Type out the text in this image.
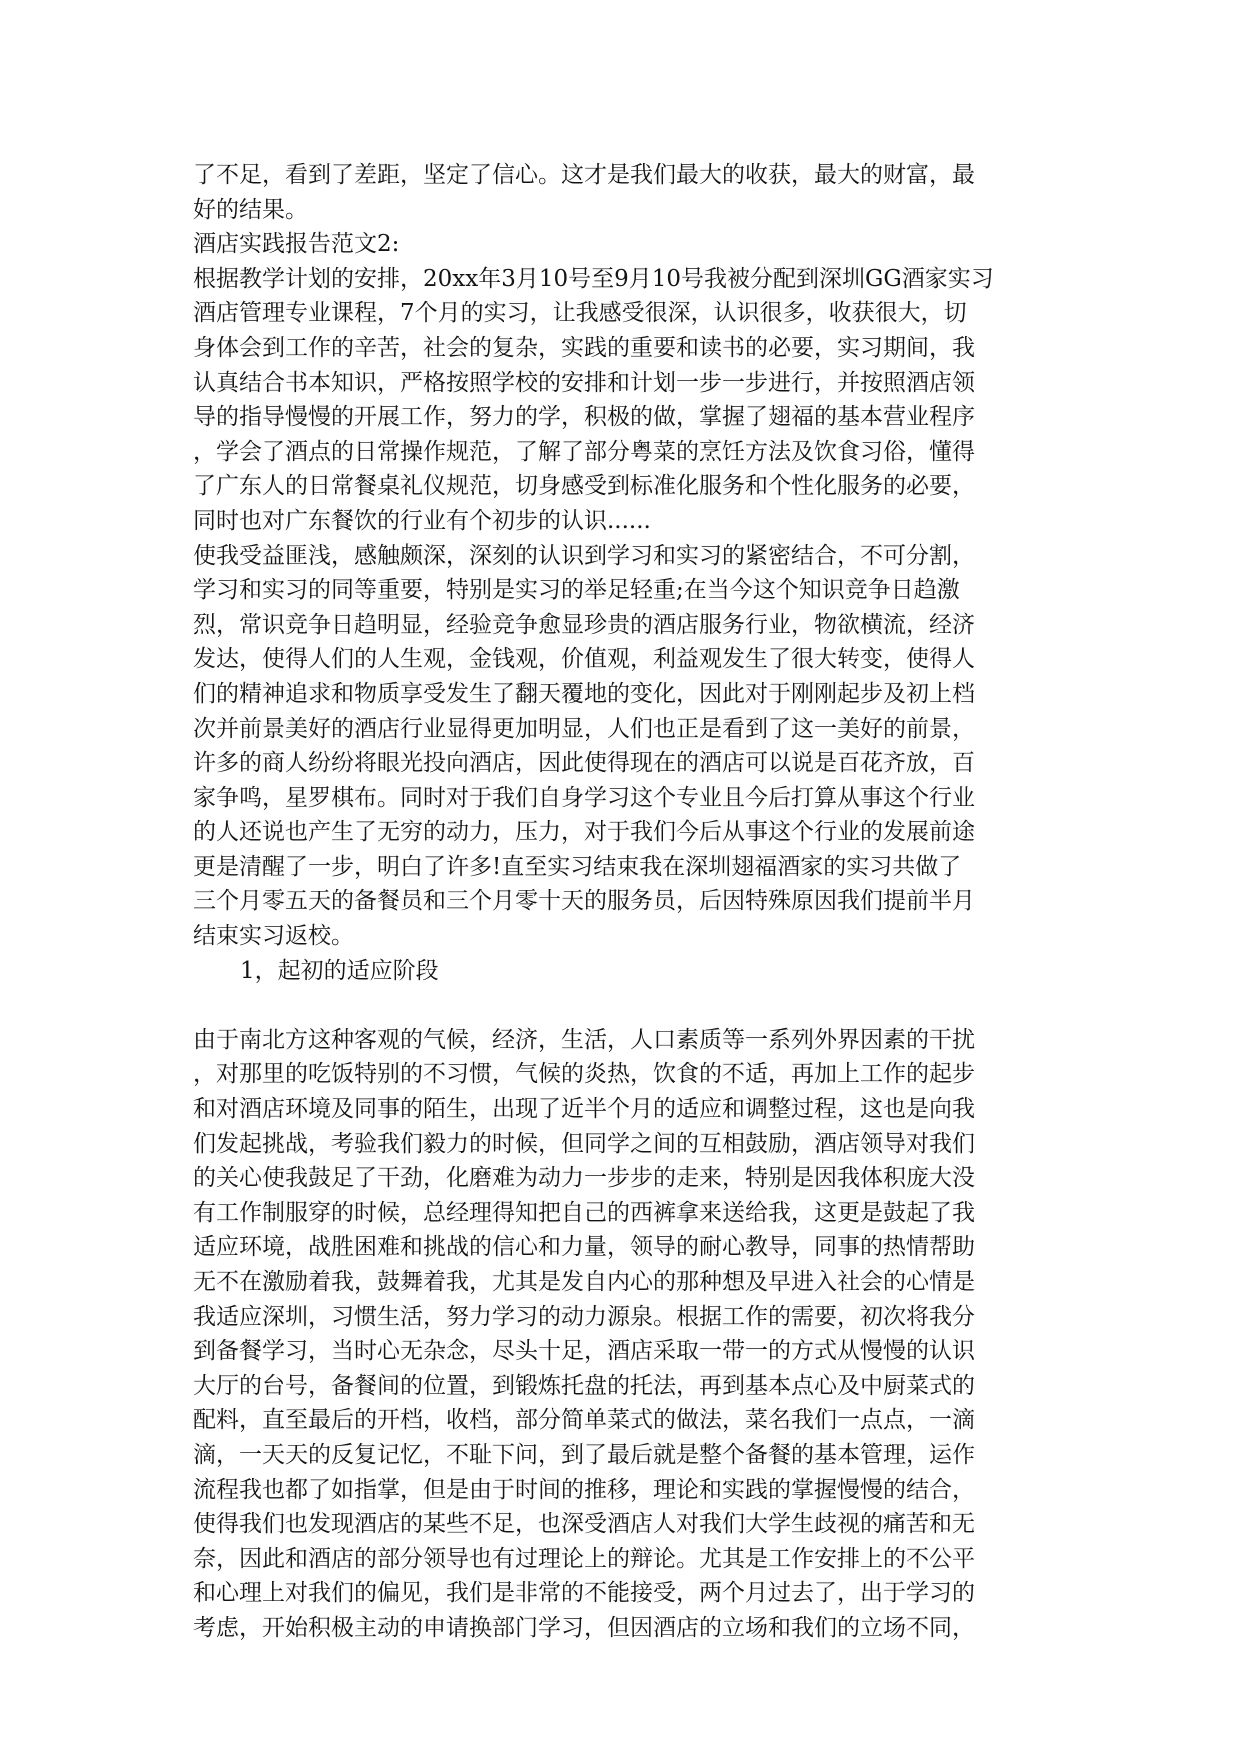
了不足，看到了差距，坚定了信心。这才是我们最大的收获，最大的财富，最
好的结果。
酒店实践报告范文2:
根据教学计划的安排，20xx年3月10号至9月10号我被分配到深圳GG酒家实习
酒店管理专业课程，7个月的实习，让我感受很深，认识很多，收获很大，切
身体会到工作的辛苦，社会的复杂，实践的重要和读书的必要，实习期间，我
认真结合书本知识，严格按照学校的安排和计划一步一步进行，并按照酒店领
导的指导慢慢的开展工作，努力的学，积极的做，掌握了翅福的基本营业程序
，学会了酒点的日常操作规范，了解了部分粤菜的烹饪方法及饮食习俗，懂得
了广东人的日常餐桌礼仪规范，切身感受到标准化服务和个性化服务的必要，
同时也对广东餐饮的行业有个初步的认识......
使我受益匪浅，感触颇深，深刻的认识到学习和实习的紧密结合，不可分割，
学习和实习的同等重要，特别是实习的举足轻重;在当今这个知识竞争日趋激
烈，常识竞争日趋明显，经验竞争愈显珍贵的酒店服务行业，物欲横流，经济
发达，使得人们的人生观，金钱观，价值观，利益观发生了很大转变，使得人
们的精神追求和物质享受发生了翻天覆地的变化，因此对于刚刚起步及初上档
次并前景美好的酒店行业显得更加明显，人们也正是看到了这一美好的前景，
许多的商人纷纷将眼光投向酒店，因此使得现在的酒店可以说是百花齐放，百
家争鸣，星罗棋布。同时对于我们自身学习这个专业且今后打算从事这个行业
的人还说也产生了无穷的动力，压力，对于我们今后从事这个行业的发展前途
更是清醒了一步，明白了许多!直至实习结束我在深圳翅福酒家的实习共做了
三个月零五天的备餐员和三个月零十天的服务员，后因特殊原因我们提前半月
结束实习返校。
1，起初的适应阶段
由于南北方这种客观的气候，经济，生活，人口素质等一系列外界因素的干扰
，对那里的吃饭特别的不习惯，气候的炎热，饮食的不适，再加上工作的起步
和对酒店环境及同事的陌生，出现了近半个月的适应和调整过程，这也是向我
们发起挑战，考验我们毅力的时候，但同学之间的互相鼓励，酒店领导对我们
的关心使我鼓足了干劲，化磨难为动力一步步的走来，特别是因我体积庞大没
有工作制服穿的时候，总经理得知把自己的西裤拿来送给我，这更是鼓起了我
适应环境，战胜困难和挑战的信心和力量，领导的耐心教导，同事的热情帮助
无不在激励着我，鼓舞着我，尤其是发自内心的那种想及早进入社会的心情是
我适应深圳，习惯生活，努力学习的动力源泉。根据工作的需要，初次将我分
到备餐学习，当时心无杂念，尽头十足，酒店采取一带一的方式从慢慢的认识
大厅的台号，备餐间的位置，到锻炼托盘的托法，再到基本点心及中厨菜式的
配料，直至最后的开档，收档，部分简单菜式的做法，菜名我们一点点，一滴
滴，一天天的反复记忆，不耻下问，到了最后就是整个备餐的基本管理，运作
流程我也都了如指掌，但是由于时间的推移，理论和实践的掌握慢慢的结合，
使得我们也发现酒店的某些不足，也深受酒店人对我们大学生歧视的痛苦和无
奈，因此和酒店的部分领导也有过理论上的辩论。尤其是工作安排上的不公平
和心理上对我们的偏见，我们是非常的不能接受，两个月过去了，出于学习的
考虑，开始积极主动的申请换部门学习，但因酒店的立场和我们的立场不同，
